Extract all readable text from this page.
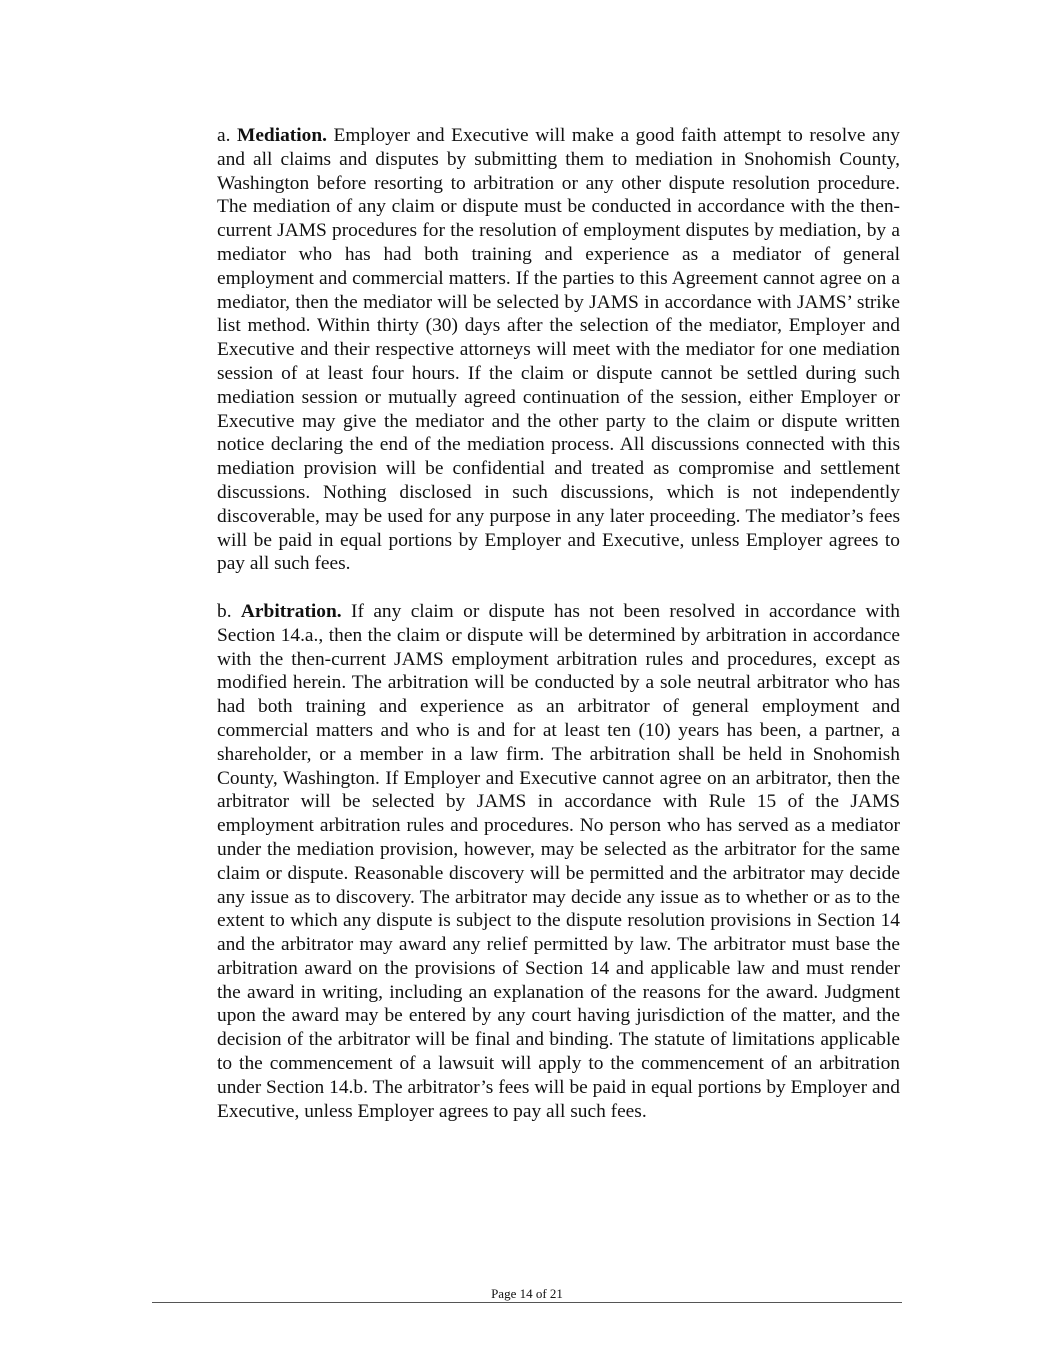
a. Mediation. Employer and Executive will make a good faith attempt to resolve any and all claims and disputes by submitting them to mediation in Snohomish County, Washington before resorting to arbitration or any other dispute resolution procedure. The mediation of any claim or dispute must be conducted in accordance with the then-current JAMS procedures for the resolution of employment disputes by mediation, by a mediator who has had both training and experience as a mediator of general employment and commercial matters. If the parties to this Agreement cannot agree on a mediator, then the mediator will be selected by JAMS in accordance with JAMS’ strike list method. Within thirty (30) days after the selection of the mediator, Employer and Executive and their respective attorneys will meet with the mediator for one mediation session of at least four hours. If the claim or dispute cannot be settled during such mediation session or mutually agreed continuation of the session, either Employer or Executive may give the mediator and the other party to the claim or dispute written notice declaring the end of the mediation process. All discussions connected with this mediation provision will be confidential and treated as compromise and settlement discussions. Nothing disclosed in such discussions, which is not independently discoverable, may be used for any purpose in any later proceeding. The mediator’s fees will be paid in equal portions by Employer and Executive, unless Employer agrees to pay all such fees.

b. Arbitration. If any claim or dispute has not been resolved in accordance with Section 14.a., then the claim or dispute will be determined by arbitration in accordance with the then-current JAMS employment arbitration rules and procedures, except as modified herein. The arbitration will be conducted by a sole neutral arbitrator who has had both training and experience as an arbitrator of general employment and commercial matters and who is and for at least ten (10) years has been, a partner, a shareholder, or a member in a law firm. The arbitration shall be held in Snohomish County, Washington. If Employer and Executive cannot agree on an arbitrator, then the arbitrator will be selected by JAMS in accordance with Rule 15 of the JAMS employment arbitration rules and procedures. No person who has served as a mediator under the mediation provision, however, may be selected as the arbitrator for the same claim or dispute. Reasonable discovery will be permitted and the arbitrator may decide any issue as to discovery. The arbitrator may decide any issue as to whether or as to the extent to which any dispute is subject to the dispute resolution provisions in Section 14 and the arbitrator may award any relief permitted by law. The arbitrator must base the arbitration award on the provisions of Section 14 and applicable law and must render the award in writing, including an explanation of the reasons for the award. Judgment upon the award may be entered by any court having jurisdiction of the matter, and the decision of the arbitrator will be final and binding. The statute of limitations applicable to the commencement of a lawsuit will apply to the commencement of an arbitration under Section 14.b. The arbitrator’s fees will be paid in equal portions by Employer and Executive, unless Employer agrees to pay all such fees.

Page 14 of 21
